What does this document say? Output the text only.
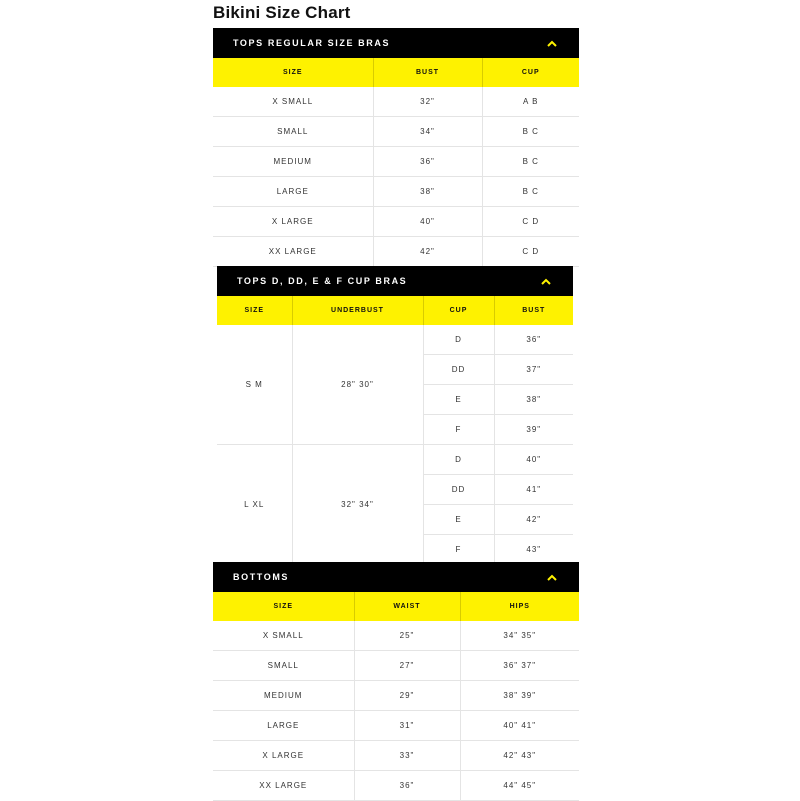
Bikini Size Chart
TOPS REGULAR SIZE BRAS
SIZE	BUST	CUP
X SMALL	32"	A B
SMALL	34"	B C
MEDIUM	36"	B C
LARGE	38"	B C
X LARGE	40"	C D
XX LARGE	42"	C D
TOPS D, DD, E & F CUP BRAS
SIZE	UNDERBUST	CUP	BUST
S M	28" 30"	D	36"
		DD	37"
		E	38"
		F	39"
L XL	32" 34"	D	40"
		DD	41"
		E	42"
		F	43"
BOTTOMS
SIZE	WAIST	HIPS
X SMALL	25"	34" 35"
SMALL	27"	36" 37"
MEDIUM	29"	38" 39"
LARGE	31"	40" 41"
X LARGE	33"	42" 43"
XX LARGE	36"	44" 45"
